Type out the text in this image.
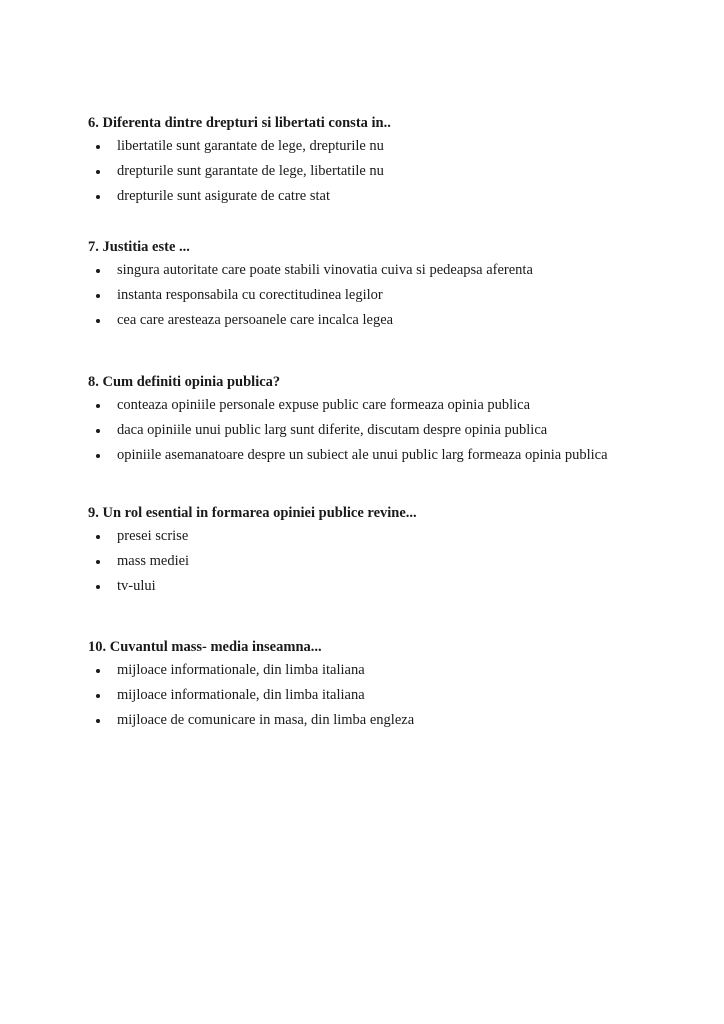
6. Diferenta dintre drepturi si libertati consta in..
libertatile sunt garantate de lege, drepturile nu
drepturile sunt garantate de lege, libertatile nu
drepturile sunt asigurate de catre stat
7. Justitia este ...
singura autoritate care poate stabili vinovatia cuiva si pedeapsa aferenta
instanta responsabila cu corectitudinea legilor
cea care aresteaza persoanele care incalca legea
8. Cum definiti opinia publica?
conteaza opiniile personale expuse public care formeaza opinia publica
daca opiniile unui public larg sunt diferite, discutam despre opinia publica
opiniile asemanatoare despre un subiect ale unui public larg formeaza opinia publica
9. Un rol esential in formarea opiniei publice revine...
presei scrise
mass mediei
tv-ului
10. Cuvantul mass- media inseamna...
mijloace informationale, din limba italiana
mijloace informationale, din limba italiana
mijloace de comunicare in masa, din limba engleza
